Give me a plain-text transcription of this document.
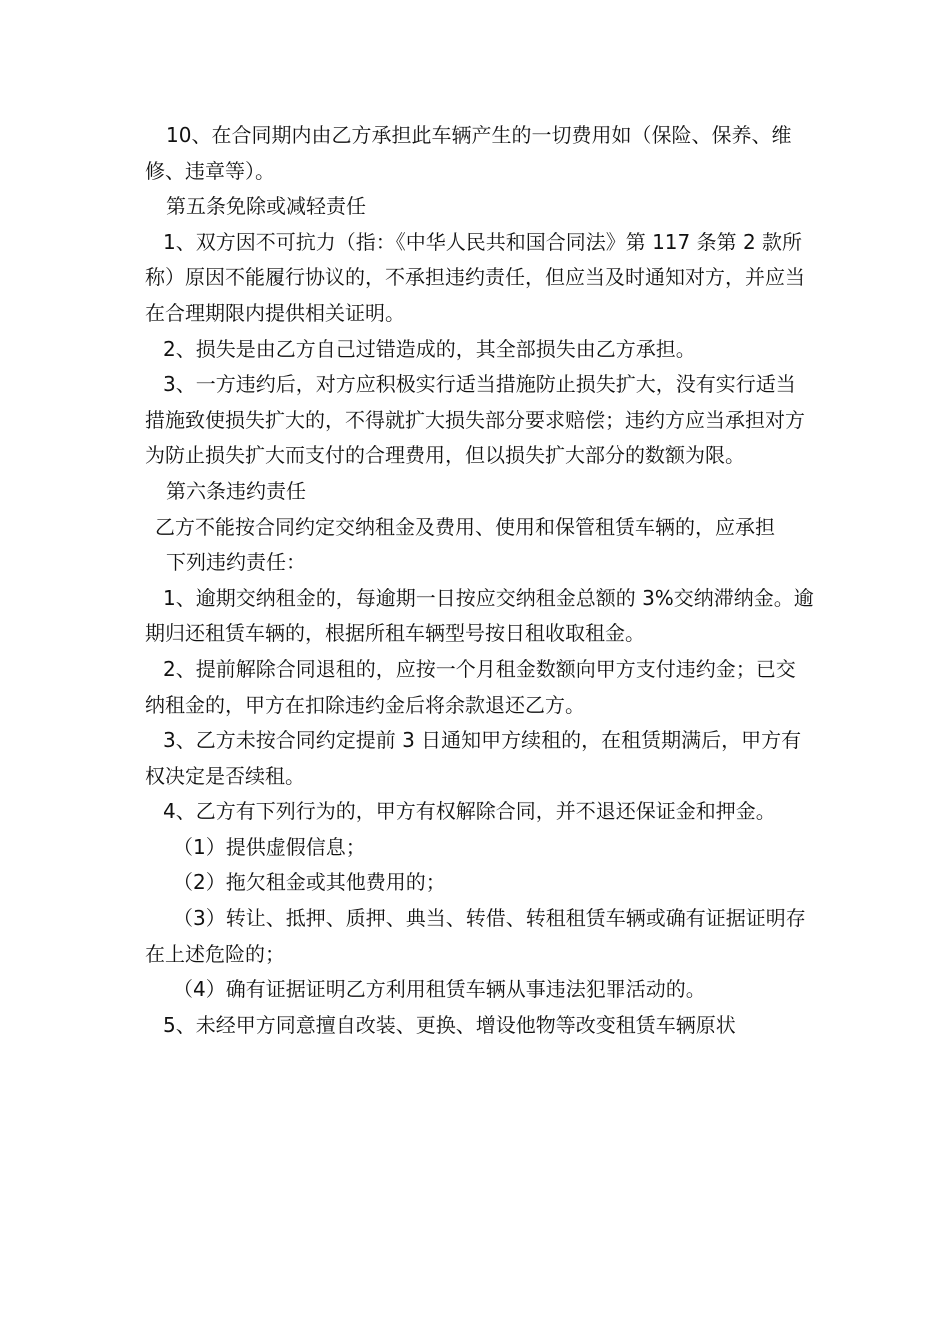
10、在合同期内由乙方承担此车辆产生的一切费用如（保险、保养、维修、违章等）。

第五条免除或减轻责任

1、双方因不可抗力（指：《中华人民共和国合同法》第 117 条第 2 款所称）原因不能履行协议的，不承担违约责任，但应当及时通知对方，并应当在合理期限内提供相关证明。

2、损失是由乙方自己过错造成的，其全部损失由乙方承担。

3、一方违约后，对方应积极实行适当措施防止损失扩大，没有实行适当措施致使损失扩大的，不得就扩大损失部分要求赔偿；违约方应当承担对方为防止损失扩大而支付的合理费用，但以损失扩大部分的数额为限。

第六条违约责任

乙方不能按合同约定交纳租金及费用、使用和保管租赁车辆的，应承担

下列违约责任：

1、逾期交纳租金的，每逾期一日按应交纳租金总额的 3%交纳滞纳金。逾期归还租赁车辆的，根据所租车辆型号按日租收取租金。

2、提前解除合同退租的，应按一个月租金数额向甲方支付违约金；已交纳租金的，甲方在扣除违约金后将余款退还乙方。

3、乙方未按合同约定提前 3 日通知甲方续租的，在租赁期满后，甲方有权决定是否续租。

4、乙方有下列行为的，甲方有权解除合同，并不退还保证金和押金。

（1）提供虚假信息；

（2）拖欠租金或其他费用的；

（3）转让、抵押、质押、典当、转借、转租租赁车辆或确有证据证明存在上述危险的；

（4）确有证据证明乙方利用租赁车辆从事违法犯罪活动的。

5、未经甲方同意擅自改装、更换、增设他物等改变租赁车辆原状
